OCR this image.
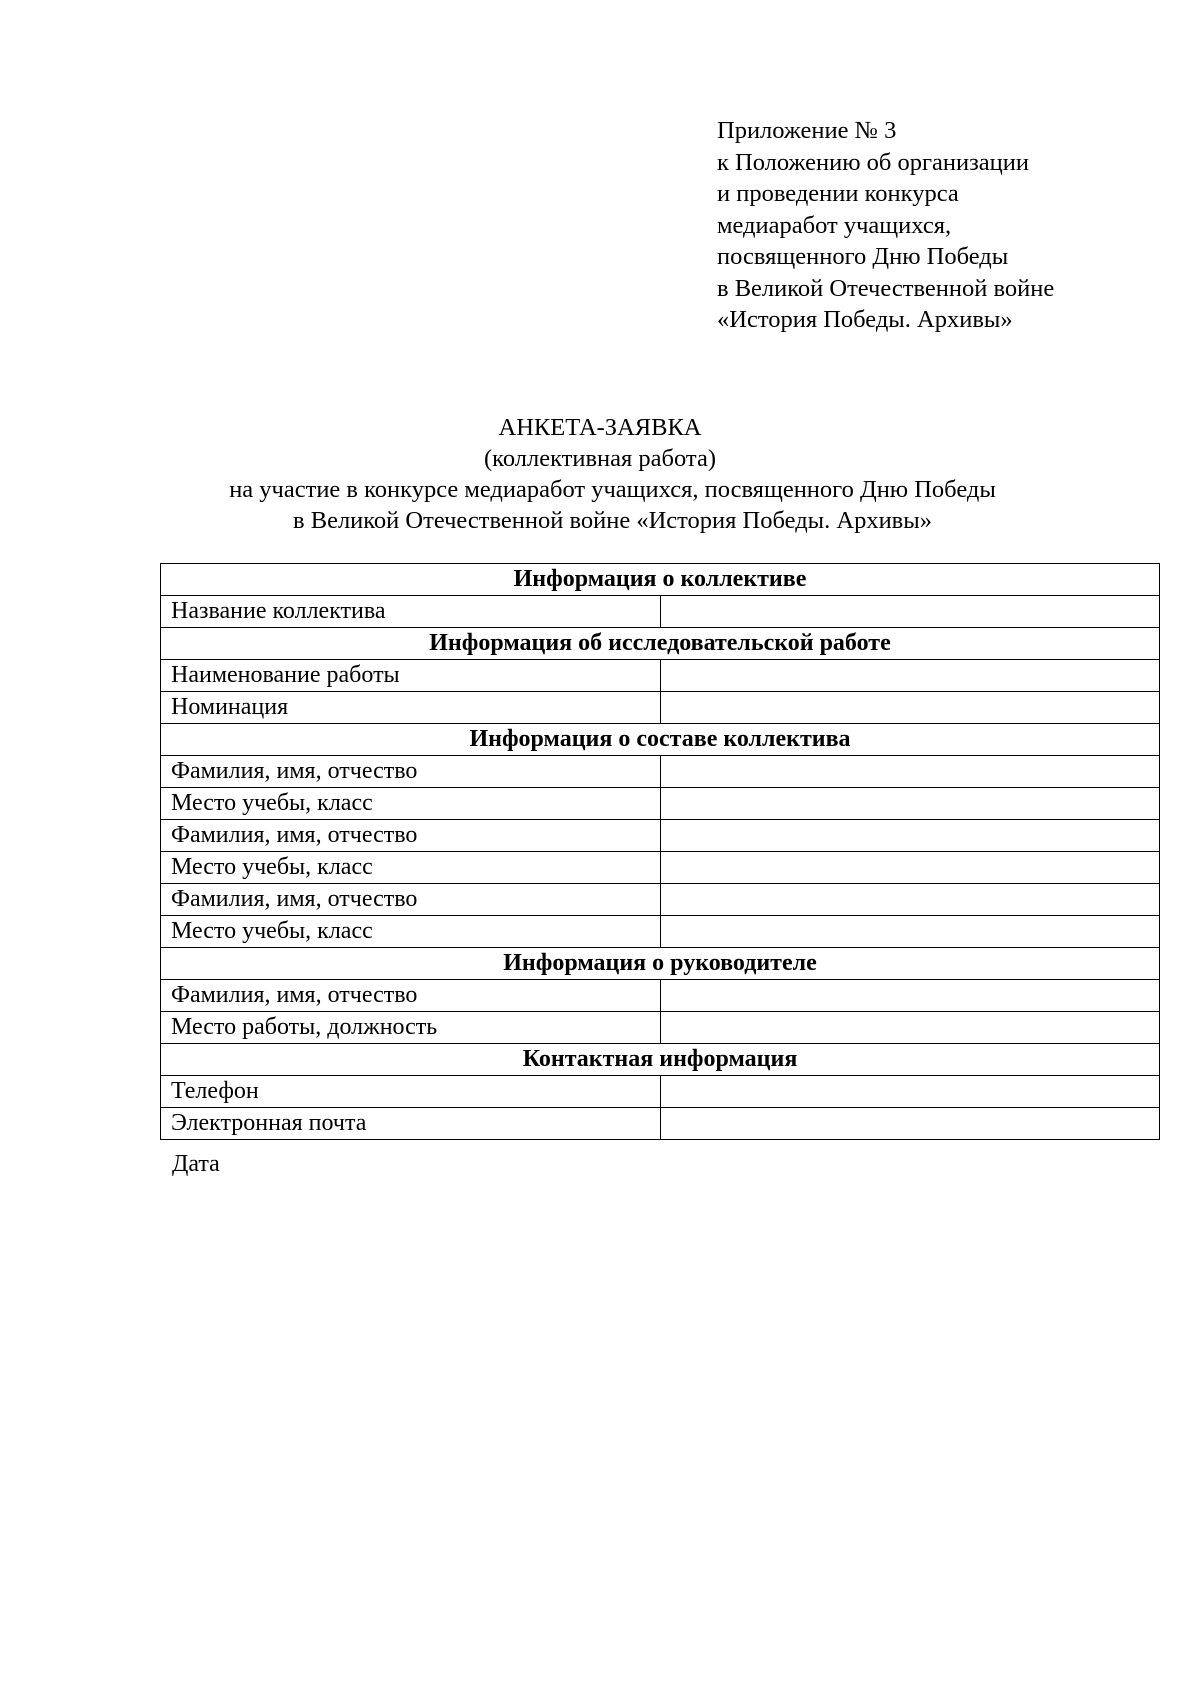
Приложение № 3
к Положению об организации
и проведении конкурса
медиаработ учащихся,
посвященного Дню Победы
в Великой Отечественной войне
«История Победы. Архивы»
АНКЕТА-ЗАЯВКА
(коллективная работа)
на участие в конкурсе медиаработ учащихся, посвященного Дню Победы
в Великой Отечественной войне «История Победы. Архивы»
Информация о коллективе	
Название коллектива	
Информация об исследовательской работе	
Наименование работы	
Номинация	
Информация о составе коллектива	
Фамилия, имя, отчество	
Место учебы, класс	
Фамилия, имя, отчество	
Место учебы, класс	
Фамилия, имя, отчество	
Место учебы, класс	
Информация о руководителе	
Фамилия, имя, отчество	
Место работы, должность	
Контактная информация	
Телефон	
Электронная почта	
Дата
